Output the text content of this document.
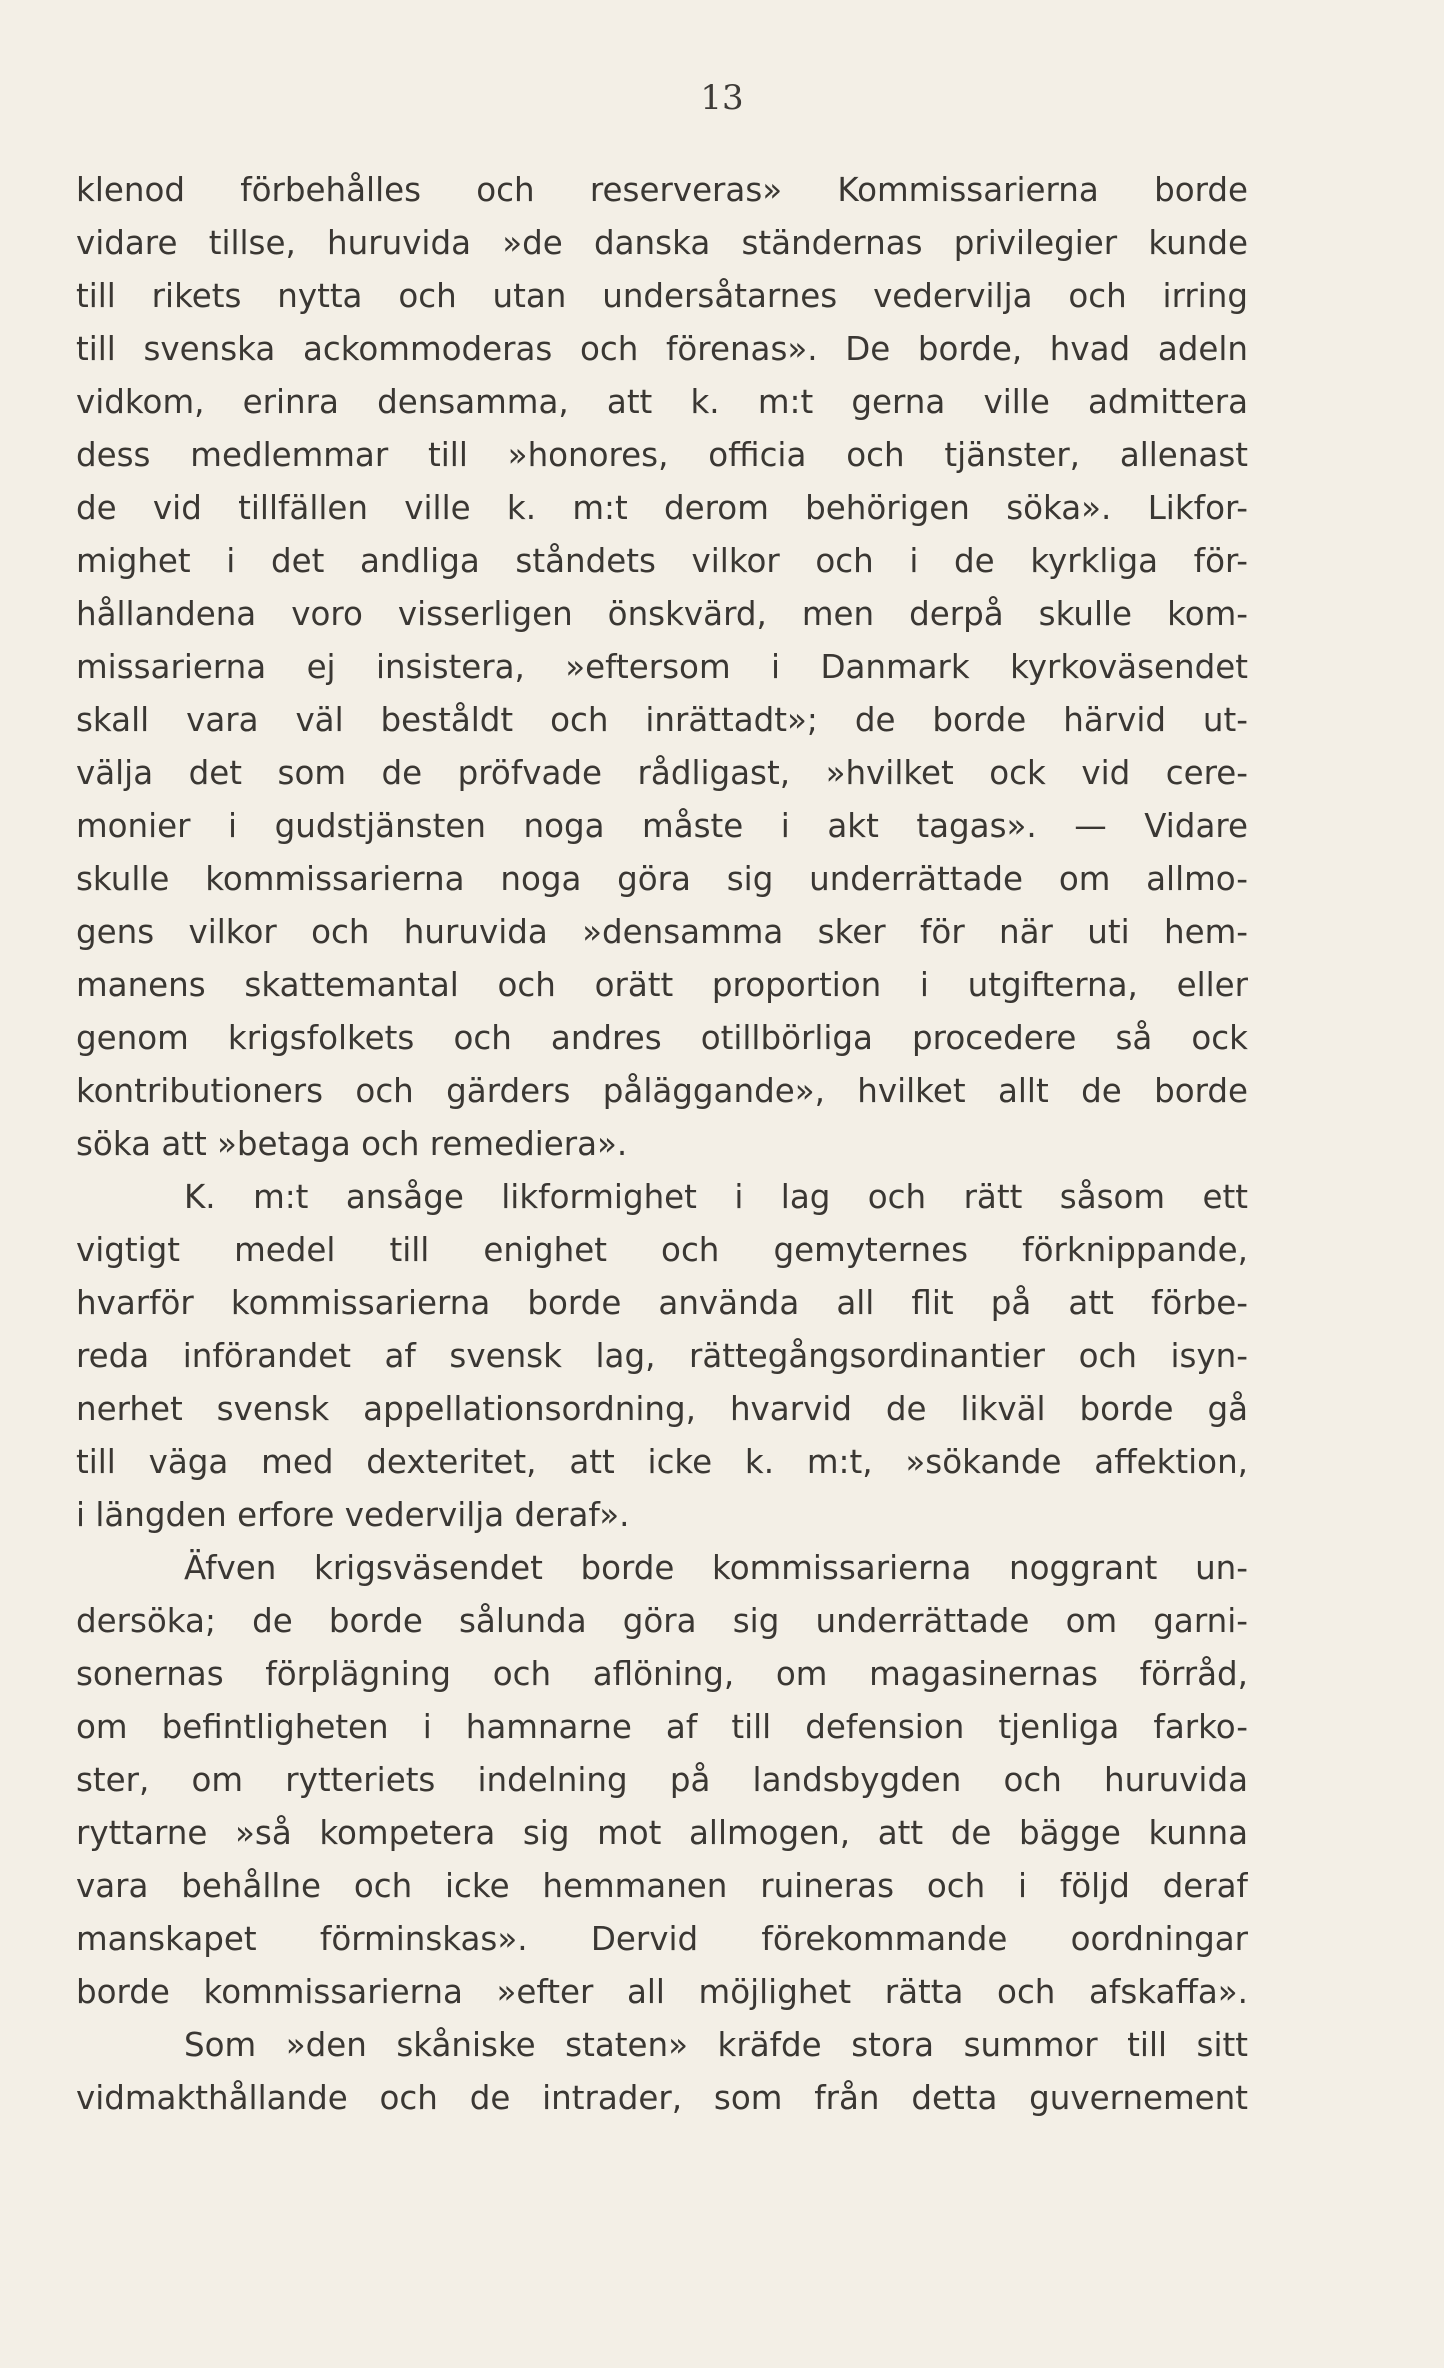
13
klenod förbehålles och reserveras» Kommissarierna borde
vidare tillse, huruvida »de danska ständernas privilegier kunde
till rikets nytta och utan undersåtarnes vedervilja och irring
till svenska ackommoderas och förenas». De borde, hvad adeln
vidkom, erinra densamma, att k. m:t gerna ville admittera
dess medlemmar till »honores, officia och tjänster, allenast
de vid tillfällen ville k. m:t derom behörigen söka». Likfor-
mighet i det andliga ståndets vilkor och i de kyrkliga för-
hållandena voro visserligen önskvärd, men derpå skulle kom-
missarierna ej insistera, »eftersom i Danmark kyrkoväsendet
skall vara väl beståldt och inrättadt»; de borde härvid ut-
välja det som de pröfvade rådligast, »hvilket ock vid cere-
monier i gudstjänsten noga måste i akt tagas». — Vidare
skulle kommissarierna noga göra sig underrättade om allmo-
gens vilkor och huruvida »densamma sker för när uti hem-
manens skattemantal och orätt proportion i utgifterna, eller
genom krigsfolkets och andres otillbörliga procedere så ock
kontributioners och gärders påläggande», hvilket allt de borde
söka att »betaga och remediera».
K. m:t ansåge likformighet i lag och rätt såsom ett
vigtigt medel till enighet och gemyternes förknippande,
hvarför kommissarierna borde använda all flit på att förbe-
reda införandet af svensk lag, rättegångsordinantier och isyn-
nerhet svensk appellationsordning, hvarvid de likväl borde gå
till väga med dexteritet, att icke k. m:t, »sökande affektion,
i längden erfore vedervilja deraf».
Äfven krigsväsendet borde kommissarierna noggrant un-
dersöka; de borde sålunda göra sig underrättade om garni-
sonernas förplägning och aflöning, om magasinernas förråd,
om befintligheten i hamnarne af till defension tjenliga farko-
ster, om rytteriets indelning på landsbygden och huruvida
ryttarne »så kompetera sig mot allmogen, att de bägge kunna
vara behållne och icke hemmanen ruineras och i följd deraf
manskapet förminskas». Dervid förekommande oordningar
borde kommissarierna »efter all möjlighet rätta och afskaffa».
Som »den skåniske staten» kräfde stora summor till sitt
vidmakthållande och de intrader, som från detta guvernement
